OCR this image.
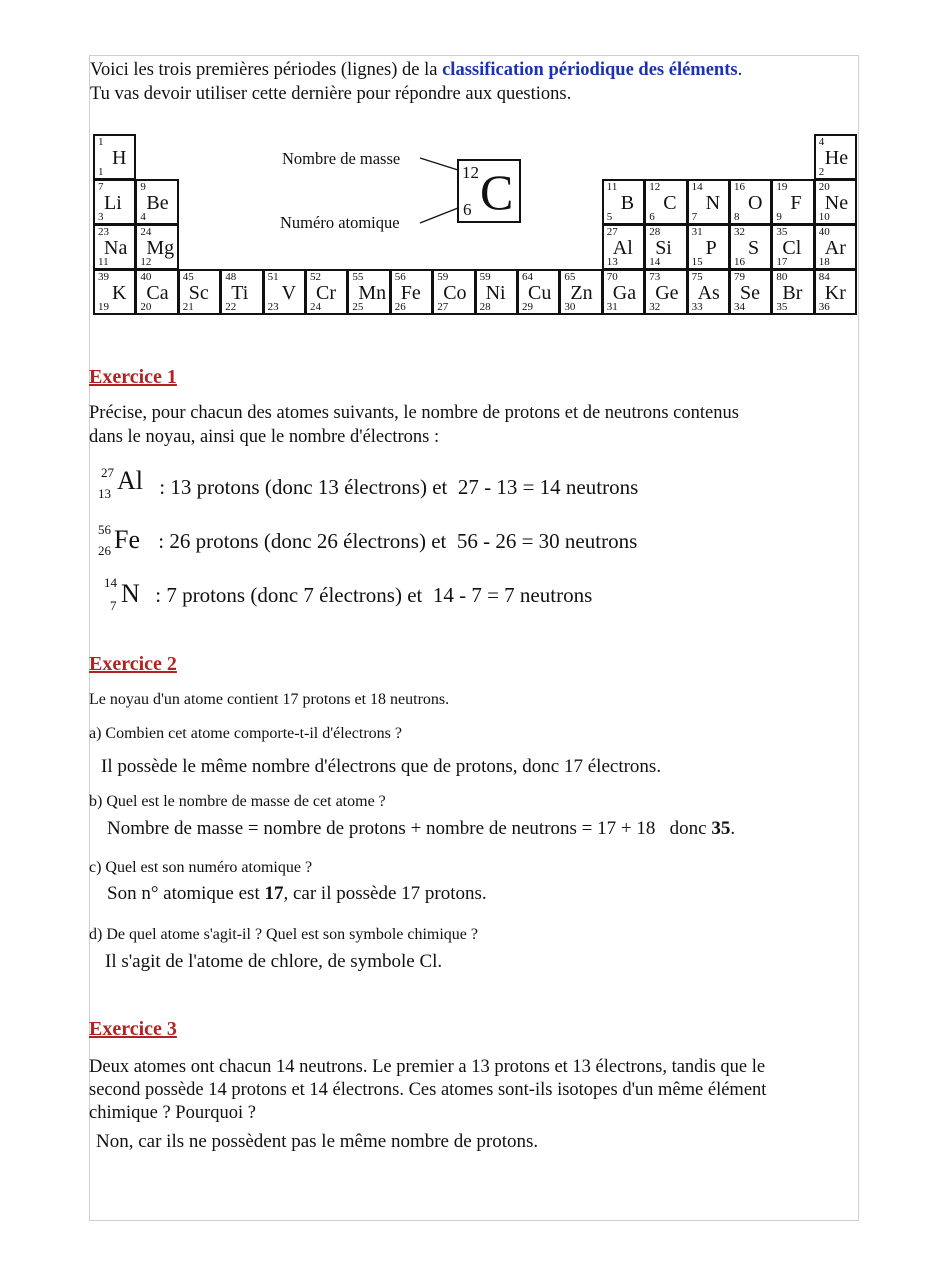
Voici les trois premières périodes (lignes) de la classification périodique des éléments.
Tu vas devoir utiliser cette dernière pour répondre aux questions.
1
1
H
4
2
He
7
3
Li
9
4
Be
11
5
B
12
6
C
14
7
N
16
8
O
19
9
F
20
10
Ne
23
11
Na
24
12
Mg
27
13
Al
28
14
Si
31
15
P
32
16
S
35
17
Cl
40
18
Ar
39
19
K
40
20
Ca
45
21
Sc
48
22
Ti
51
23
V
52
24
Cr
55
25
Mn
56
26
Fe
59
27
Co
59
28
Ni
64
29
Cu
65
30
Zn
70
31
Ga
73
32
Ge
75
33
As
79
34
Se
80
35
Br
84
36
Kr
Nombre de masse
Numéro atomique
12
6 C
Exercice 1
Précise, pour chacun des atomes suivants, le nombre de protons et de neutrons contenus
dans le noyau, ainsi que le nombre d'électrons :
27
13 Al : 13 protons (donc 13 électrons) et  27 - 13 = 14 neutrons
56
26 Fe : 26 protons (donc 26 électrons) et  56 - 26 = 30 neutrons
14
7 N : 7 protons (donc 7 électrons) et  14 - 7 = 7 neutrons
Exercice 2
Le noyau d'un atome contient 17 protons et 18 neutrons.
a) Combien cet atome comporte-t-il d'électrons ?
Il possède le même nombre d'électrons que de protons, donc 17 électrons.
b) Quel est le nombre de masse de cet atome ?
Nombre de masse = nombre de protons + nombre de neutrons = 17 + 18   donc 35.
c) Quel est son numéro atomique ?
Son n° atomique est 17, car il possède 17 protons.
d) De quel atome s'agit-il ? Quel est son symbole chimique ?
Il s'agit de l'atome de chlore, de symbole Cl.
Exercice 3
Deux atomes ont chacun 14 neutrons. Le premier a 13 protons et 13 électrons, tandis que le
second possède 14 protons et 14 électrons. Ces atomes sont-ils isotopes d'un même élément
chimique ? Pourquoi ?
Non, car ils ne possèdent pas le même nombre de protons.
